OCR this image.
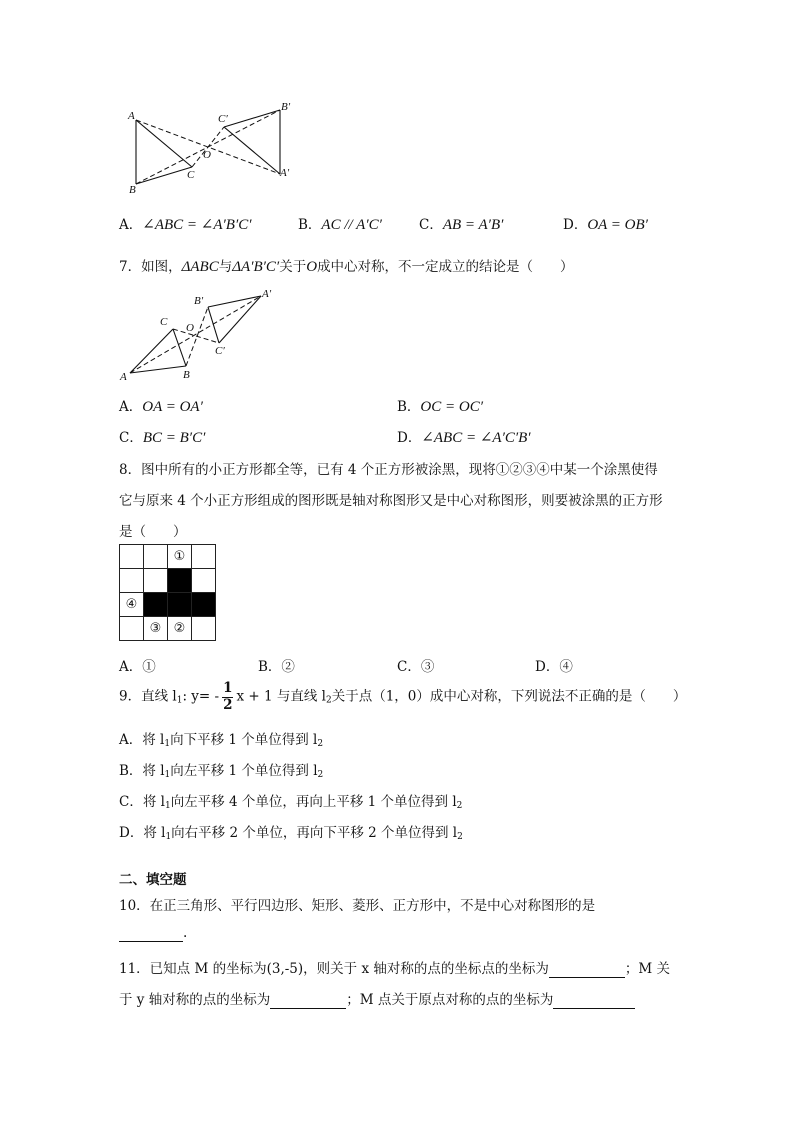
A
B
C
O
C′
B′
A′
A．∠ABC = ∠A′B′C′	B．AC // A′C′	C．AB = A′B′	D．OA = OB′
7．如图，ΔABC与ΔA′B′C′关于O成中心对称，不一定成立的结论是（　　）
B′
A′
C O
C′
A	B
A．OA = OA′	B．OC = OC′
C．BC = B′C′	D．∠ABC = ∠A′C′B′
8．图中所有的小正方形都全等，已有 4 个正方形被涂黑，现将①②③④中某一个涂黑使得
它与原来 4 个小正方形组成的图形既是轴对称图形又是中心对称图形，则要被涂黑的正方形
是（　　）
		①	

④			
	③	②	
A．①	B．②	C．③	D．④
9．直线 $l_1$: $y= - \frac{1}{2}$ x + 1 与直线 $l_2$关于点（1，0）成中心对称，下列说法不正确的是（　　）
A．将 $l_1$向下平移 1 个单位得到 $l_2$
B．将 $l_1$向左平移 1 个单位得到 $l_2$
C．将 $l_1$向左平移 4 个单位，再向上平移 1 个单位得到 $l_2$
D．将 $l_1$向右平移 2 个单位，再向下平移 2 个单位得到 $l_2$
二、填空题
10．在正三角形、平行四边形、矩形、菱形、正方形中，不是中心对称图形的是
.
11．已知点 M 的坐标为(3,-5)，则关于 x 轴对称的点的坐标点的坐标为	；M 关
于 y 轴对称的点的坐标为	；M 点关于原点对称的点的坐标为
